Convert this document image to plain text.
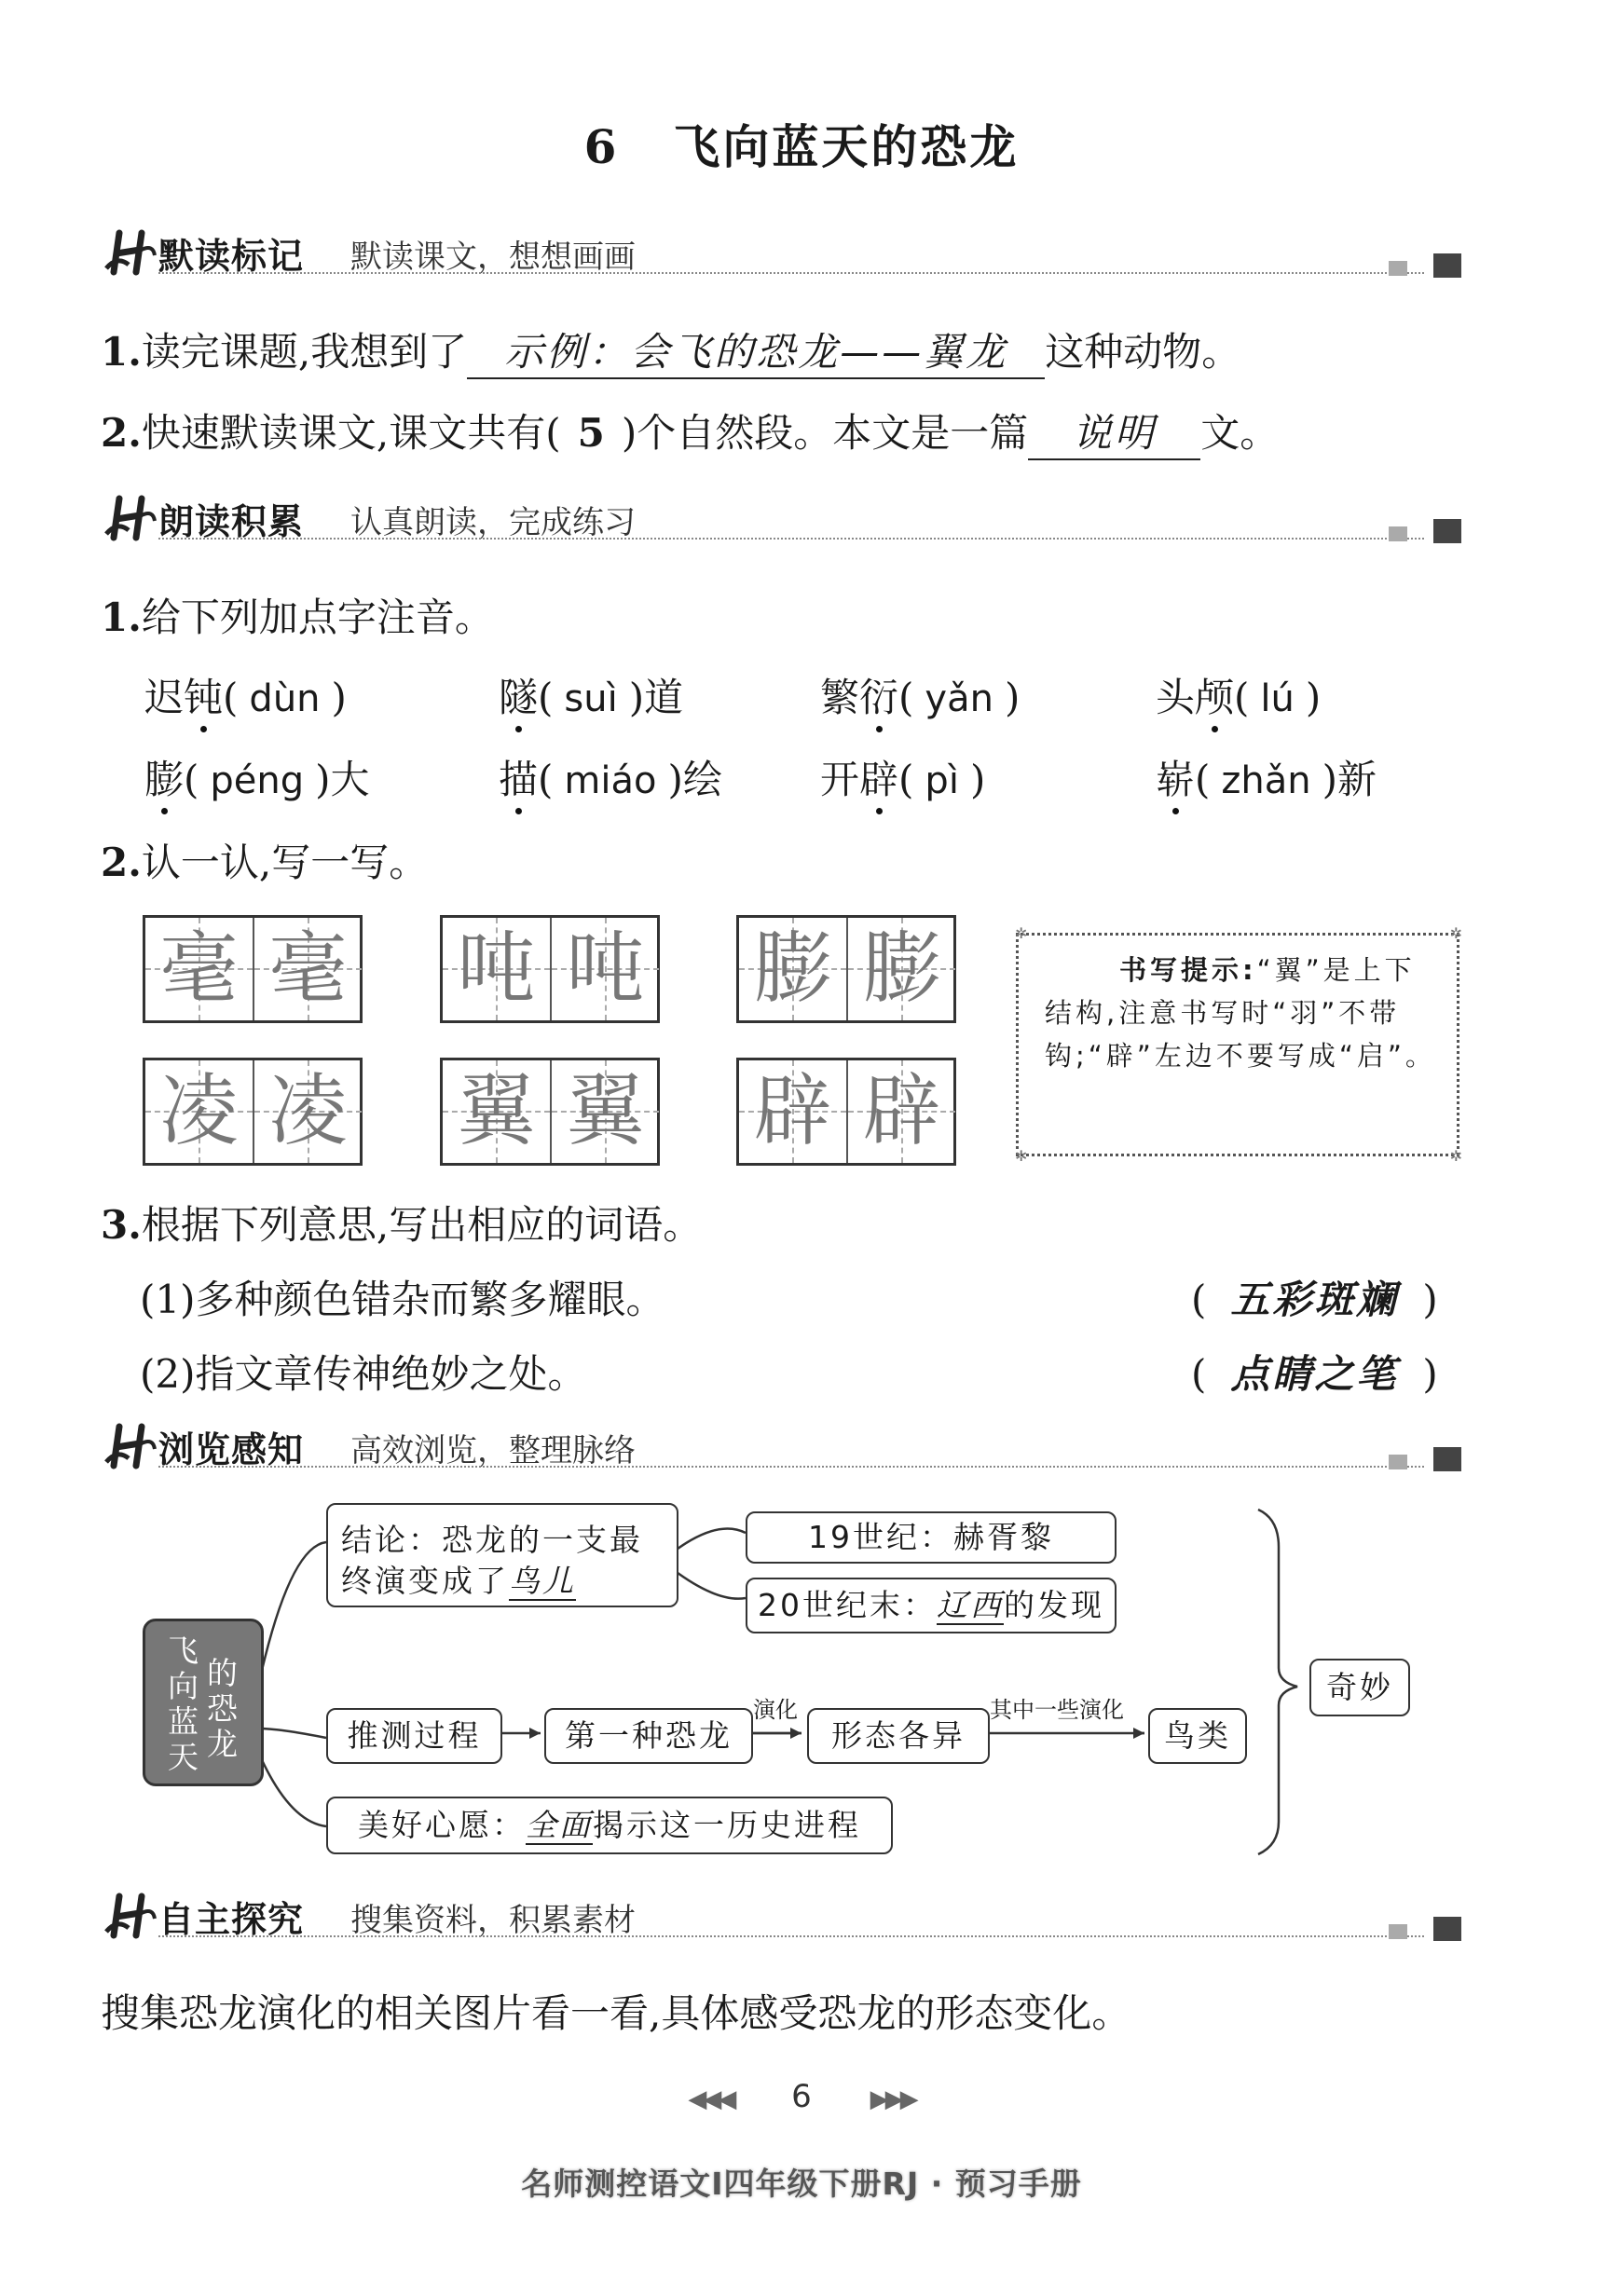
6 飞向蓝天的恐龙
默读标记 默读课文，想想画画
1.读完课题,我想到了 示例：会飞的恐龙——翼龙 这种动物。
2.快速默读课文,课文共有( 5 )个自然段。本文是一篇 说明 文。
朗读积累 认真朗读，完成练习
1.给下列加点字注音。
迟钝( dùn )	隧( suì )道	繁衍( yǎn )	头颅( lú )
膨( péng )大	描( miáo )绘	开辟( pì )	崭( zhǎn )新
2.认一认,写一写。
毫 毫 吨 吨 膨 膨
凌 凌 翼 翼 辟 辟
✲	✲
✲	✲
书写提示:“翼”是上下结构,注意书写时“羽”不带钩;“辟”左边不要写成“启”。
3.根据下列意思,写出相应的词语。
(1)多种颜色错杂而繁多耀眼。	( 五彩斑斓 )
(2)指文章传神绝妙之处。	( 点睛之笔 )
浏览感知 高效浏览，整理脉络
飞
向
蓝
天
的
恐
龙
结论：恐龙的一支最
终演变成了鸟儿
19世纪：赫胥黎
20世纪末：辽西的发现
推测过程	第一种恐龙
演化
形态各异
其中一些演化
鸟类
美好心愿：全面揭示这一历史进程
奇妙
自主探究 搜集资料，积累素材
搜集恐龙演化的相关图片看一看,具体感受恐龙的形态变化。
◀◀◀ 6 ▶▶▶
名师测控语文Ⅰ四年级下册RJ · 预习手册
